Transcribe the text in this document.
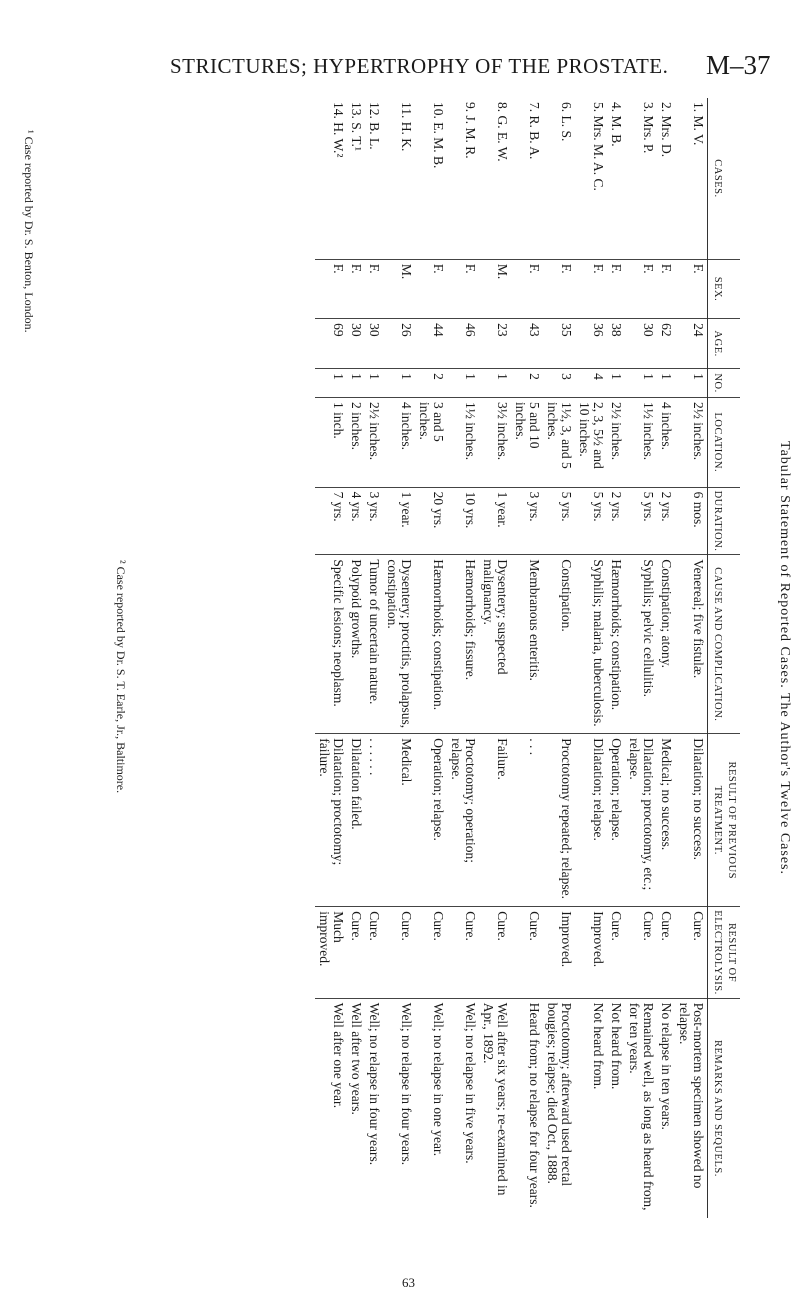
STRICTURES; HYPERTROPHY OF THE PROSTATE. M–37
¹ Case reported by Dr. S. Benton, London.
² Case reported by Dr. S. T. Earle, Jr., Baltimore.	Tabular Statement of Reported Cases. The Author's Twelve Cases.
CASES.	SEX.	AGE.	NO.	LOCATION.	DURATION.	CAUSE AND COMPLICATION.	RESULT OF PREVIOUS TREATMENT.	RESULT OF ELECTROLYSIS.	REMARKS AND SEQUELS.
1. M. V.	F.	24	1	2½ inches.	6 mos.	Venereal; five fistulæ.	Dilatation; no success.	Cure.	Post-mortem specimen showed no relapse.
2. Mrs. D.	F.	62	1	4 inches.	2 yrs.	Constipation; atony.	Medical; no success.	Cure.	No relapse in ten years.
3. Mrs. P.	F.	30	1	1½ inches.	5 yrs.	Syphilis; pelvic cellulitis.	Dilatation; proctotomy, etc.; relapse.	Cure.	Remained well, as long as heard from, for ten years.
4. M. B.	F.	38	1	2½ inches.	2 yrs.	Hæmorrhoids; constipation.	Operation; relapse.	Cure.	Not heard from.
5. Mrs. M. A. C.	F.	36	4	2, 3, 5½ and 10 inches.	5 yrs.	Syphilis; malaria, tuberculosis.	Dilatation; relapse.	Improved.	Not heard from.
6. L. S.	F.	35	3	1½, 3, and 5 inches.	5 yrs.	Constipation.	Proctotomy repeated; relapse.	Improved.	Proctotomy; afterward used rectal bougies; relapse; died Oct., 1888.
7. R. B. A.	F.	43	2	5 and 10 inches.	3 yrs.	Membranous enteritis.	. . .	Cure.	Heard from; no relapse for four years.
8. G. E. W.	M.	23	1	3½ inches.	1 year.	Dysentery; suspected malignancy.	Failure.	Cure.	Well after six years; re-examined in Apr., 1892.
9. J. M. R.	F.	46	1	1½ inches.	10 yrs.	Hæmorrhoids; fissure.	Proctotomy; operation; relapse.	Cure.	Well; no relapse in five years.
10. E. M. B.	F.	44	2	3 and 5 inches.	20 yrs.	Hæmorrhoids; constipation.	Operation; relapse.	Cure.	Well; no relapse in one year.
11. H. K.	M.	26	1	4 inches.	1 year.	Dysentery; proctitis, prolapsus, constipation.	Medical.	Cure.	Well; no relapse in four years.
12. B. L.	F.	30	1	2½ inches.	3 yrs.	Tumor of uncertain nature.	. . . . . .	Cure.	Well; no relapse in four years.
13. S. T.¹	F.	30	1	2 inches.	4 yrs.	Polypoid growths.	Dilatation failed.	Cure.	Well after two years.
14. H. W.²	F.	69	1	1 inch.	7 yrs.	Specific lesions; neoplasm.	Dilatation; proctotomy; failure.	Much improved.	Well after one year.
63
